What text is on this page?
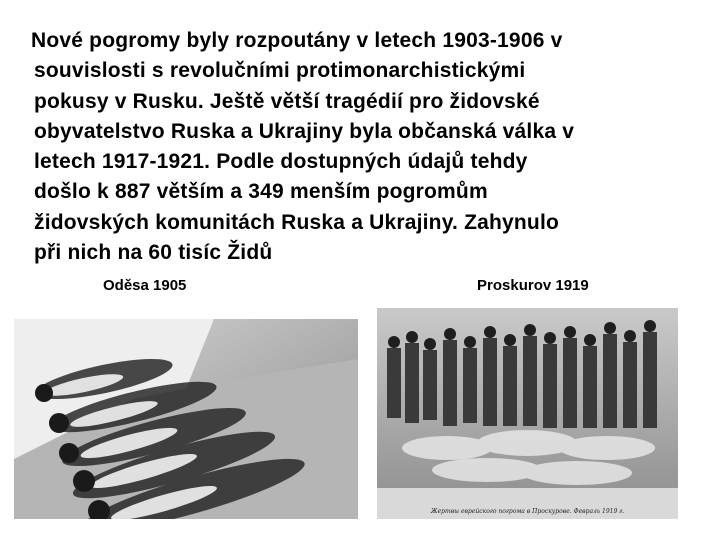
Nové pogromy byly rozpoutány v letech 1903-1906 v
souvislosti s revolučními protimonarchistickými
pokusy v Rusku. Ještě větší tragédií pro židovské
obyvatelstvo Ruska a Ukrajiny byla občanská válka v
letech 1917-1921. Podle dostupných údajů tehdy
došlo k 887 větším a 349 menším pogromům
židovských komunitách Ruska a Ukrajiny. Zahynulo
při nich na 60 tisíc Židů
Oděsa 1905	Proskurov 1919
Жертвы еврейского погрома в Проскурове. Февраль 1919 г.
